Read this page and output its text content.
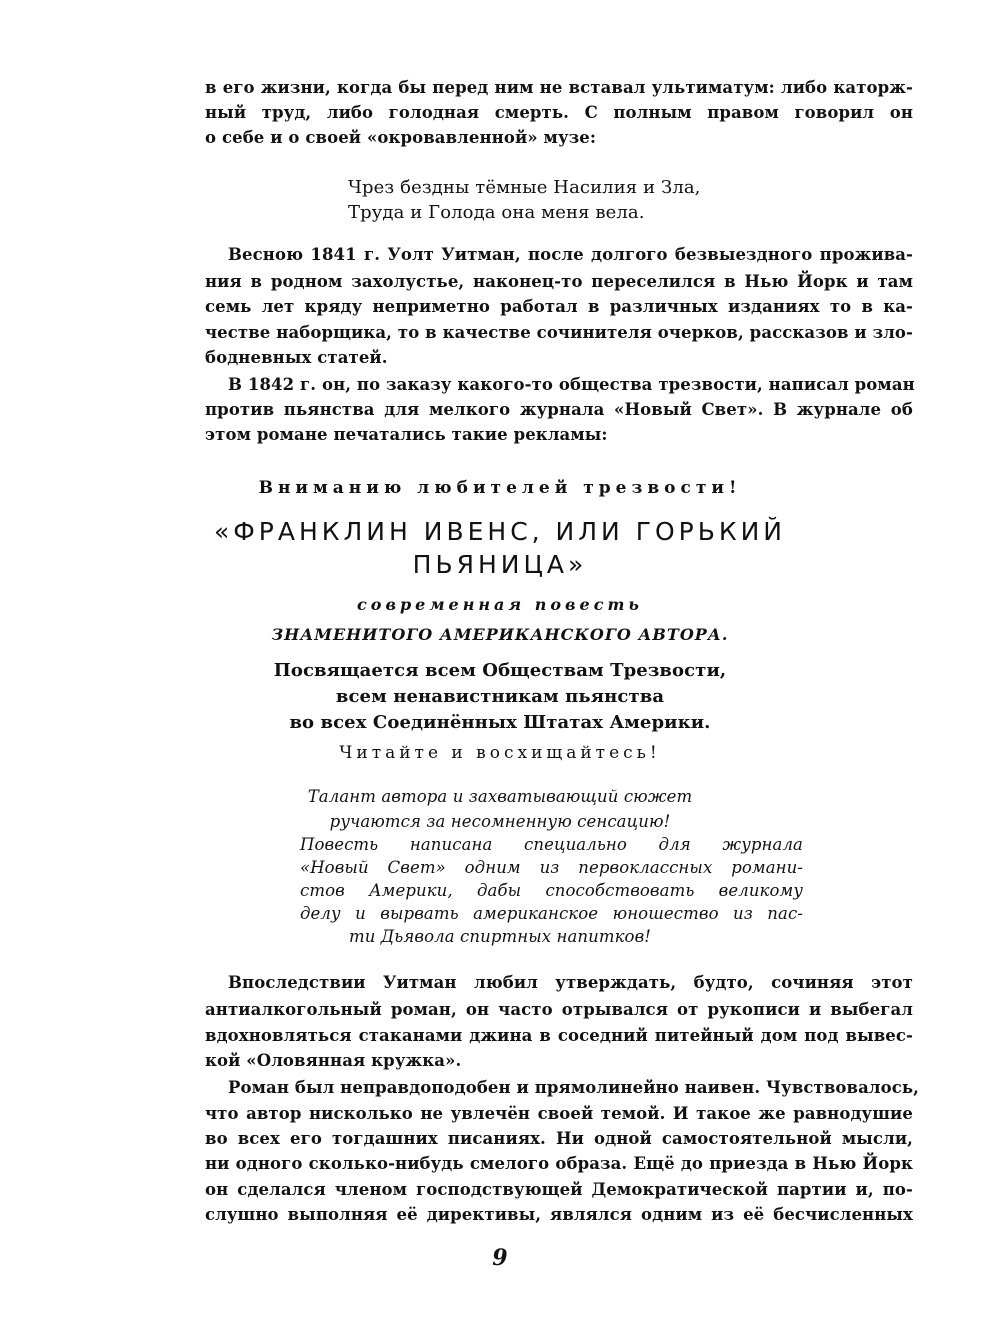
в его жизни, когда бы перед ним не вставал ультиматум: либо каторж-
ный труд, либо голодная смерть. С полным правом говорил он
о себе и о своей «окровавленной» музе:
Чрез бездны тёмные Насилия и Зла,
Труда и Голода она меня вела.
Весною 1841 г. Уолт Уитман, после долгого безвыездного прожива-
ния в родном захолустье, наконец-то переселился в Нью Йорк и там
семь лет кряду неприметно работал в различных изданиях то в ка-
честве наборщика, то в качестве сочинителя очерков, рассказов и зло-
бодневных статей.
В 1842 г. он, по заказу какого-то общества трезвости, написал роман
против пьянства для мелкого журнала «Новый Свет». В журнале об
этом романе печатались такие рекламы:
Вниманию любителей трезвости!
«ФРАНКЛИН ИВЕНС, ИЛИ ГОРЬКИЙ
ПЬЯНИЦА»
современная повесть
ЗНАМЕНИТОГО АМЕРИКАНСКОГО АВТОРА.
Посвящается всем Обществам Трезвости,
всем ненавистникам пьянства
во всех Соединённых Штатах Америки.
Читайте и восхищайтесь!
Талант автора и захватывающий сюжет
ручаются за несомненную сенсацию!
Повесть написана специально для журнала
«Новый Свет» одним из первоклассных романи-
стов Америки, дабы способствовать великому
делу и вырвать американское юношество из пас-
ти Дьявола спиртных напитков!
Впоследствии Уитман любил утверждать, будто, сочиняя этот
антиалкогольный роман, он часто отрывался от рукописи и выбегал
вдохновляться стаканами джина в соседний питейный дом под вывес-
кой «Оловянная кружка».
Роман был неправдоподобен и прямолинейно наивен. Чувствовалось,
что автор нисколько не увлечён своей темой. И такое же равнодушие
во всех его тогдашних писаниях. Ни одной самостоятельной мысли,
ни одного сколько-нибудь смелого образа. Ещё до приезда в Нью Йорк
он сделался членом господствующей Демократической партии и, по-
слушно выполняя её директивы, являлся одним из её бесчисленных
9
